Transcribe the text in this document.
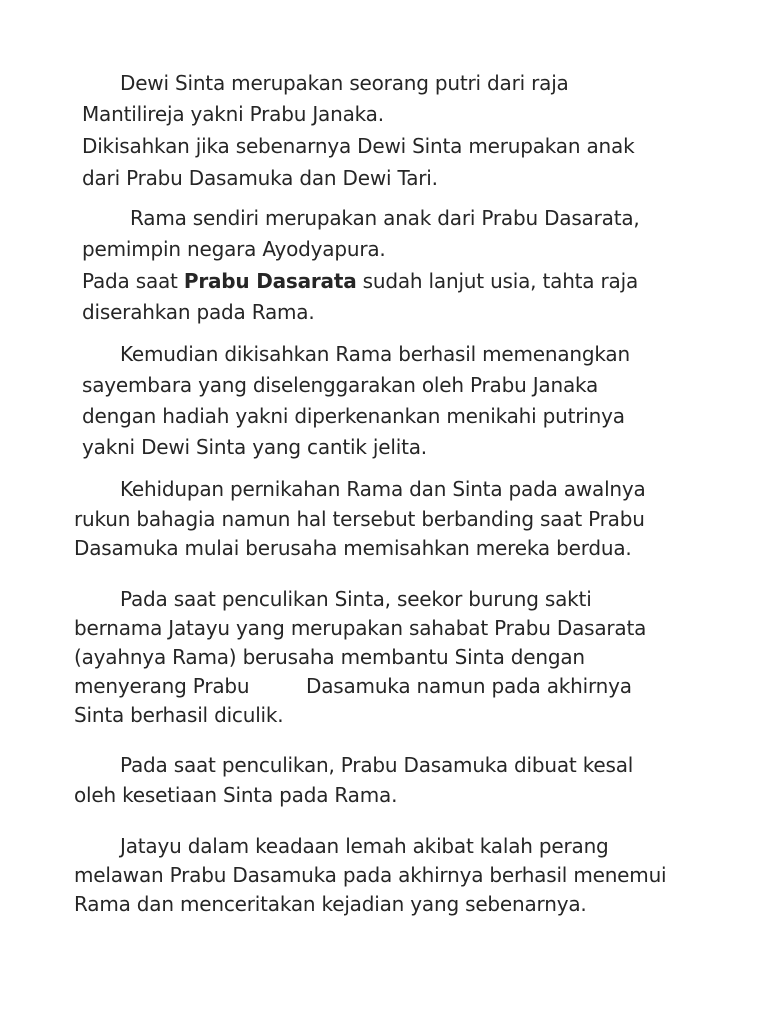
Dewi Sinta merupakan seorang putri dari raja
Mantilireja yakni Prabu Janaka.
Dikisahkan jika sebenarnya Dewi Sinta merupakan anak
dari Prabu Dasamuka dan Dewi Tari.
Rama sendiri merupakan anak dari Prabu Dasarata,
pemimpin negara Ayodyapura.
Pada saat Prabu Dasarata sudah lanjut usia, tahta raja
diserahkan pada Rama.
Kemudian dikisahkan Rama berhasil memenangkan
sayembara yang diselenggarakan oleh Prabu Janaka
dengan hadiah yakni diperkenankan menikahi putrinya
yakni Dewi Sinta yang cantik jelita.
Kehidupan pernikahan Rama dan Sinta pada awalnya
rukun bahagia namun hal tersebut berbanding saat Prabu
Dasamuka mulai berusaha memisahkan mereka berdua.
Pada saat penculikan Sinta, seekor burung sakti
bernama Jatayu yang merupakan sahabat Prabu Dasarata
(ayahnya Rama) berusaha membantu Sinta dengan
menyerang Prabu	Dasamuka namun pada akhirnya
Sinta berhasil diculik.
Pada saat penculikan, Prabu Dasamuka dibuat kesal
oleh kesetiaan Sinta pada Rama.
Jatayu dalam keadaan lemah akibat kalah perang
melawan Prabu Dasamuka pada akhirnya berhasil menemui
Rama dan menceritakan kejadian yang sebenarnya.
